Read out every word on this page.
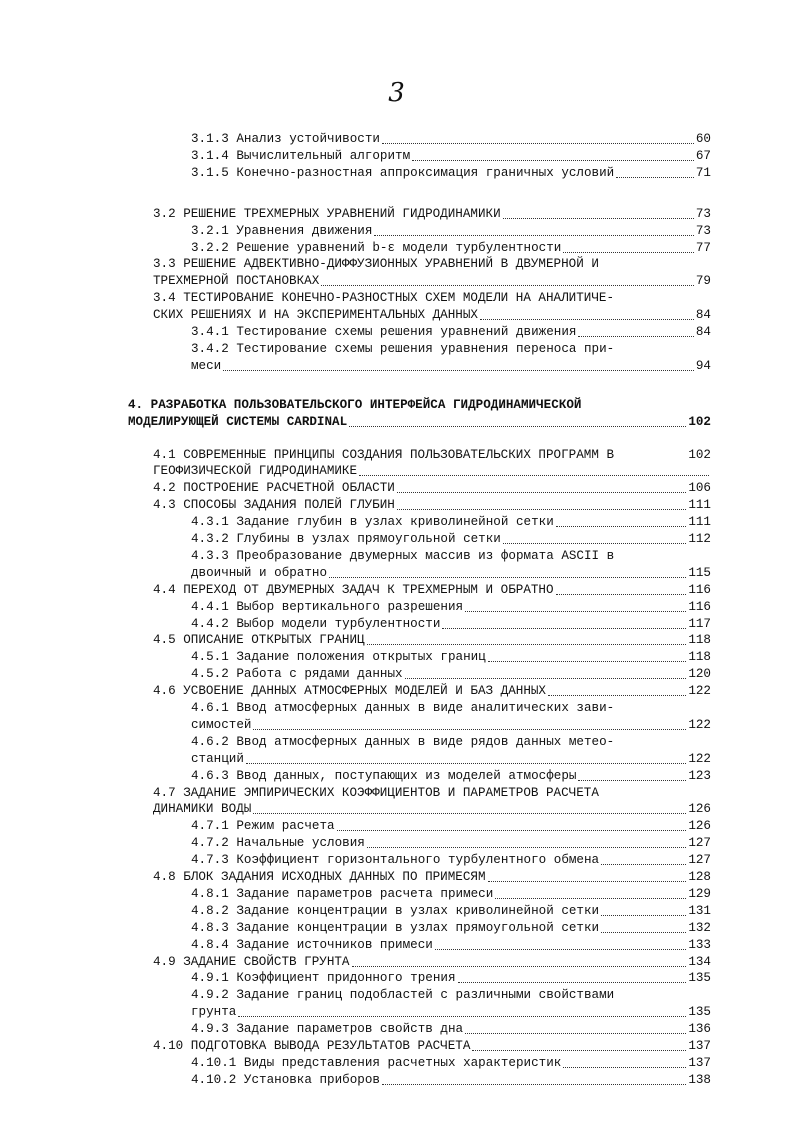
3
3.1.3 Анализ устойчивости	60
3.1.4 Вычислительный алгоритм	67
3.1.5 Конечно-разностная аппроксимация граничных условий	71
3.2 РЕШЕНИЕ ТРЕХМЕРНЫХ УРАВНЕНИЙ ГИДРОДИНАМИКИ	73
3.2.1 Уравнения движения	73
3.2.2 Решение уравнений b-ε модели турбулентности	77
3.3 РЕШЕНИЕ АДВЕКТИВНО-ДИФФУЗИОННЫХ УРАВНЕНИЙ В ДВУМЕРНОЙ И
ТРЕХМЕРНОЙ ПОСТАНОВКАХ	79
3.4 ТЕСТИРОВАНИЕ КОНЕЧНО-РАЗНОСТНЫХ СХЕМ МОДЕЛИ НА АНАЛИТИЧЕ-
СКИХ РЕШЕНИЯХ И НА ЭКСПЕРИМЕНТАЛЬНЫХ ДАННЫХ	84
3.4.1 Тестирование схемы решения уравнений движения	84
3.4.2 Тестирование схемы решения уравнения переноса при-
меси	94
4. РАЗРАБОТКА ПОЛЬЗОВАТЕЛЬСКОГО ИНТЕРФЕЙСА ГИДРОДИНАМИЧЕСКОЙ
МОДЕЛИРУЮЩЕЙ СИСТЕМЫ CARDINAL	102
4.1 СОВРЕМЕННЫЕ ПРИНЦИПЫ СОЗДАНИЯ ПОЛЬЗОВАТЕЛЬСКИХ ПРОГРАММ В	102
ГЕОФИЗИЧЕСКОЙ ГИДРОДИНАМИКЕ
4.2 ПОСТРОЕНИЕ РАСЧЕТНОЙ ОБЛАСТИ	106
4.3 СПОСОБЫ ЗАДАНИЯ ПОЛЕЙ ГЛУБИН	111
4.3.1 Задание глубин в узлах криволинейной сетки	111
4.3.2 Глубины в узлах прямоугольной сетки	112
4.3.3 Преобразование двумерных массив из формата ASCII в
двоичный и обратно	115
4.4 ПЕРЕХОД ОТ ДВУМЕРНЫХ ЗАДАЧ К ТРЕХМЕРНЫМ И ОБРАТНО	116
4.4.1 Выбор вертикального разрешения	116
4.4.2 Выбор модели турбулентности	117
4.5 ОПИСАНИЕ ОТКРЫТЫХ ГРАНИЦ	118
4.5.1 Задание положения открытых границ	118
4.5.2 Работа с рядами данных	120
4.6 УСВОЕНИЕ ДАННЫХ АТМОСФЕРНЫХ МОДЕЛЕЙ И БАЗ ДАННЫХ	122
4.6.1 Ввод атмосферных данных в виде аналитических зави-
симостей	122
4.6.2 Ввод атмосферных данных в виде рядов данных метео-
станций	122
4.6.3 Ввод данных, поступающих из моделей атмосферы	123
4.7 ЗАДАНИЕ ЭМПИРИЧЕСКИХ КОЭФФИЦИЕНТОВ И ПАРАМЕТРОВ РАСЧЕТА
ДИНАМИКИ ВОДЫ	126
4.7.1 Режим расчета	126
4.7.2 Начальные условия	127
4.7.3 Коэффициент горизонтального турбулентного обмена	127
4.8 БЛОК ЗАДАНИЯ ИСХОДНЫХ ДАННЫХ ПО ПРИМЕСЯМ	128
4.8.1 Задание параметров расчета примеси	129
4.8.2 Задание концентрации в узлах криволинейной сетки	131
4.8.3 Задание концентрации в узлах прямоугольной сетки	132
4.8.4 Задание источников примеси	133
4.9 ЗАДАНИЕ СВОЙСТВ ГРУНТА	134
4.9.1 Коэффициент придонного трения	135
4.9.2 Задание границ подобластей с различными свойствами
грунта	135
4.9.3 Задание параметров свойств дна	136
4.10 ПОДГОТОВКА ВЫВОДА РЕЗУЛЬТАТОВ РАСЧЕТА	137
4.10.1 Виды представления расчетных характеристик	137
4.10.2 Установка приборов	138
